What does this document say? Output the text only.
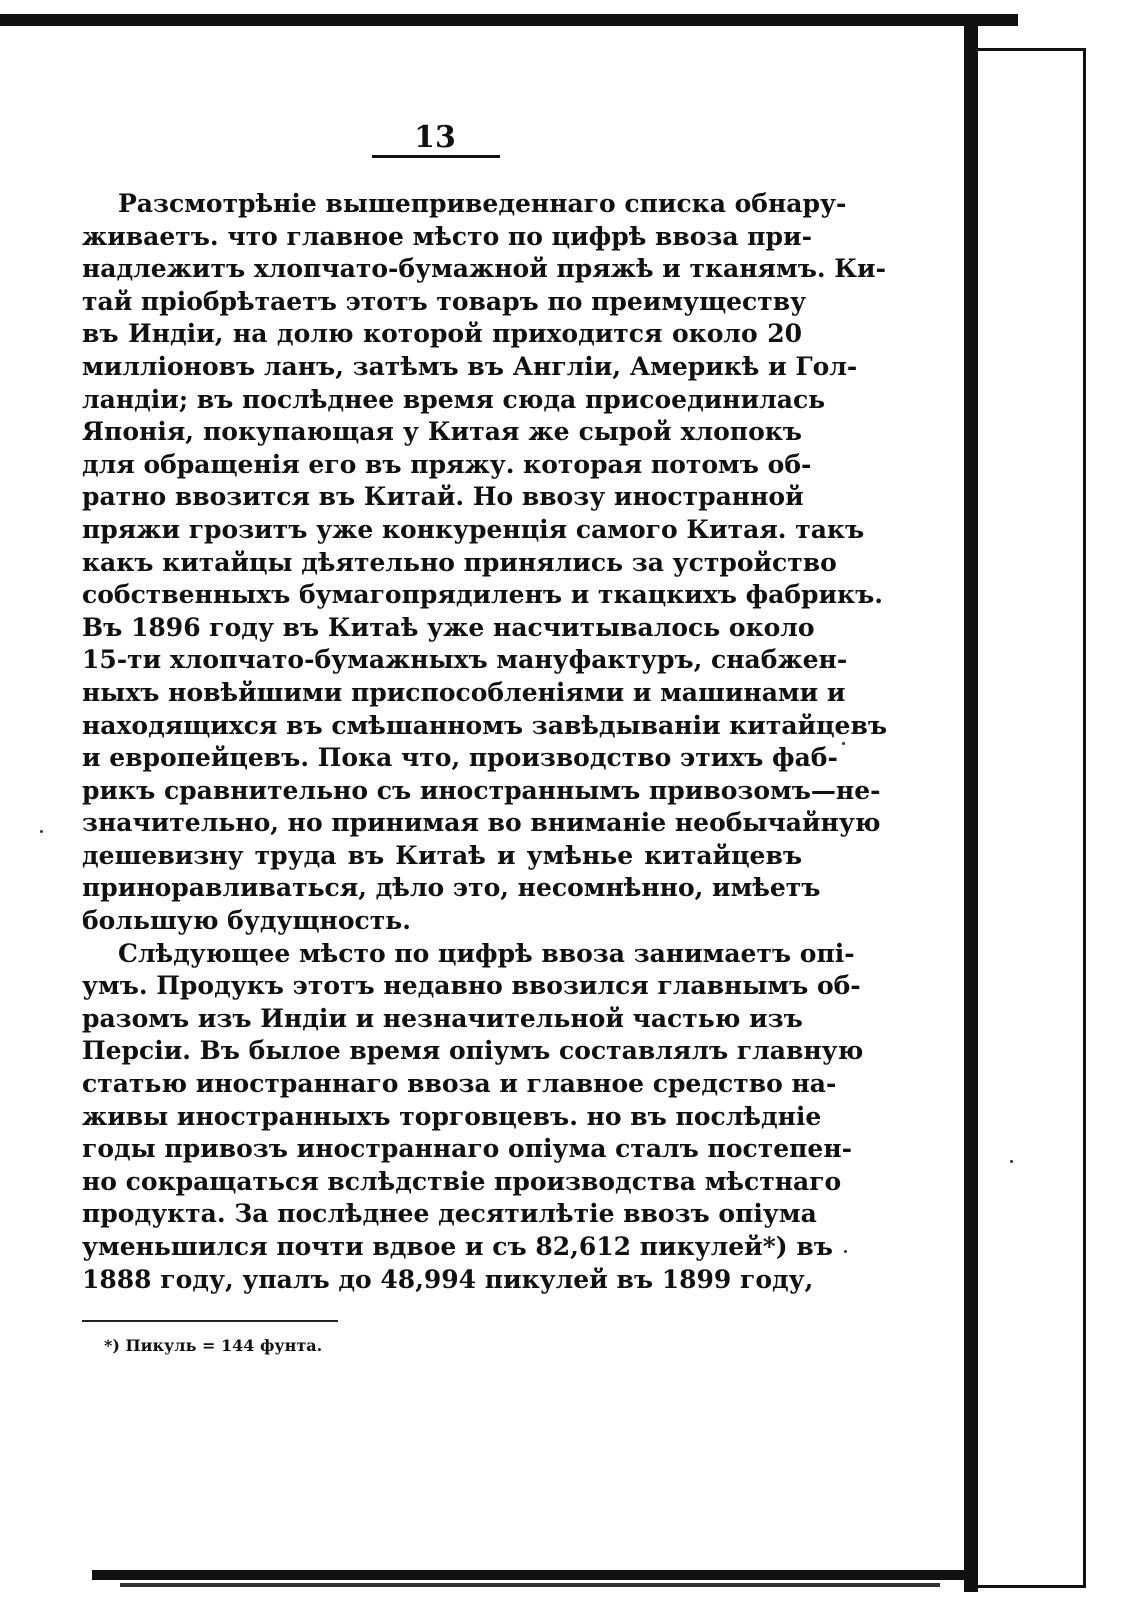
13
Разсмотрѣніе вышеприведеннаго списка обнару-
живаетъ. что главное мѣсто по цифрѣ ввоза при-
надлежитъ хлопчато-бумажной пряжѣ и тканямъ. Ки-
тай пріобрѣтаетъ этотъ товаръ по преимуществу
въ Индіи, на долю которой приходится около 20
милліоновъ ланъ, затѣмъ въ Англіи, Америкѣ и Гол-
ландіи; въ послѣднее время сюда присоединилась
Японія, покупающая у Китая же сырой хлопокъ
для обращенія его въ пряжу. которая потомъ об-
ратно ввозится въ Китай. Но ввозу иностранной
пряжи грозитъ уже конкуренція самого Китая. такъ
какъ китайцы дѣятельно принялись за устройство
собственныхъ бумагопрядиленъ и ткацкихъ фабрикъ.
Въ 1896 году въ Китаѣ уже насчитывалось около
15-ти хлопчато-бумажныхъ мануфактуръ, снабжен-
ныхъ новѣйшими приспособленіями и машинами и
находящихся въ смѣшанномъ завѣдываніи китайцевъ
и европейцевъ. Пока что, производство этихъ фаб-
рикъ сравнительно съ иностраннымъ привозомъ—не-
значительно, но принимая во вниманіе необычайную
дешевизну труда въ Китаѣ и умѣнье китайцевъ
приноравливаться, дѣло это, несомнѣнно, имѣетъ
большую будущность.
Слѣдующее мѣсто по цифрѣ ввоза занимаетъ опі-
умъ. Продукъ этотъ недавно ввозился главнымъ об-
разомъ изъ Индіи и незначительной частью изъ
Персіи. Въ былое время опіумъ составлялъ главную
статью иностраннаго ввоза и главное средство на-
живы иностранныхъ торговцевъ. но въ послѣдніе
годы привозъ иностраннаго опіума сталъ постепен-
но сокращаться вслѣдствіе производства мѣстнаго
продукта. За послѣднее десятилѣтіе ввозъ опіума
уменьшился почти вдвое и съ 82,612 пикулей*) въ
1888 году, упалъ до 48,994 пикулей въ 1899 году,
*) Пикуль = 144 фунта.
